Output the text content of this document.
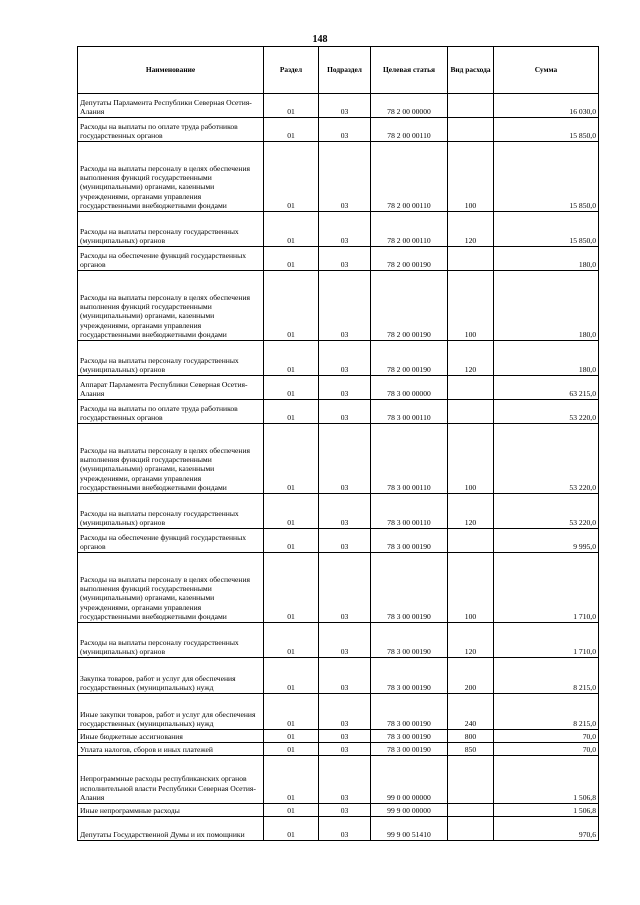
148
Наименование	Раздел	Подраздел	Целевая статья	Вид расхода	Сумма
Депутаты Парламента Республики Северная Осетия-Алания	01	03	78 2 00 00000		16 030,0
Расходы на выплаты по оплате труда работников государственных органов	01	03	78 2 00 00110		15 850,0
Расходы на выплаты персоналу в целях обеспечения выполнения функций государственными (муниципальными) органами, казенными учреждениями, органами управления государственными внебюджетными фондами	01	03	78 2 00 00110	100	15 850,0
Расходы на выплаты персоналу государственных (муниципальных) органов	01	03	78 2 00 00110	120	15 850,0
Расходы на обеспечение функций государственных органов	01	03	78 2 00 00190		180,0
Расходы на выплаты персоналу в целях обеспечения выполнения функций государственными (муниципальными) органами, казенными учреждениями, органами управления государственными внебюджетными фондами	01	03	78 2 00 00190	100	180,0
Расходы на выплаты персоналу государственных (муниципальных) органов	01	03	78 2 00 00190	120	180,0
Аппарат Парламента Республики Северная Осетия-Алания	01	03	78 3 00 00000		63 215,0
Расходы на выплаты по оплате труда работников государственных органов	01	03	78 3 00 00110		53 220,0
Расходы на выплаты персоналу в целях обеспечения выполнения функций государственными (муниципальными) органами, казенными учреждениями, органами управления государственными внебюджетными фондами	01	03	78 3 00 00110	100	53 220,0
Расходы на выплаты персоналу государственных (муниципальных) органов	01	03	78 3 00 00110	120	53 220,0
Расходы на обеспечение функций государственных органов	01	03	78 3 00 00190		9 995,0
Расходы на выплаты персоналу в целях обеспечения выполнения функций государственными (муниципальными) органами, казенными учреждениями, органами управления государственными внебюджетными фондами	01	03	78 3 00 00190	100	1 710,0
Расходы на выплаты персоналу государственных (муниципальных) органов	01	03	78 3 00 00190	120	1 710,0
Закупка товаров, работ и услуг для обеспечения государственных (муниципальных) нужд	01	03	78 3 00 00190	200	8 215,0
Иные закупки товаров, работ и услуг для обеспечения государственных (муниципальных) нужд	01	03	78 3 00 00190	240	8 215,0
Иные бюджетные ассигнования	01	03	78 3 00 00190	800	70,0
Уплата налогов, сборов и иных платежей	01	03	78 3 00 00190	850	70,0
Непрограммные расходы республиканских органов исполнительной власти Республики Северная Осетия-Алания	01	03	99 0 00 00000		1 506,8
Иные непрограммные расходы	01	03	99 9 00 00000		1 506,8
Депутаты Государственной Думы и их помощники	01	03	99 9 00 51410		970,6
